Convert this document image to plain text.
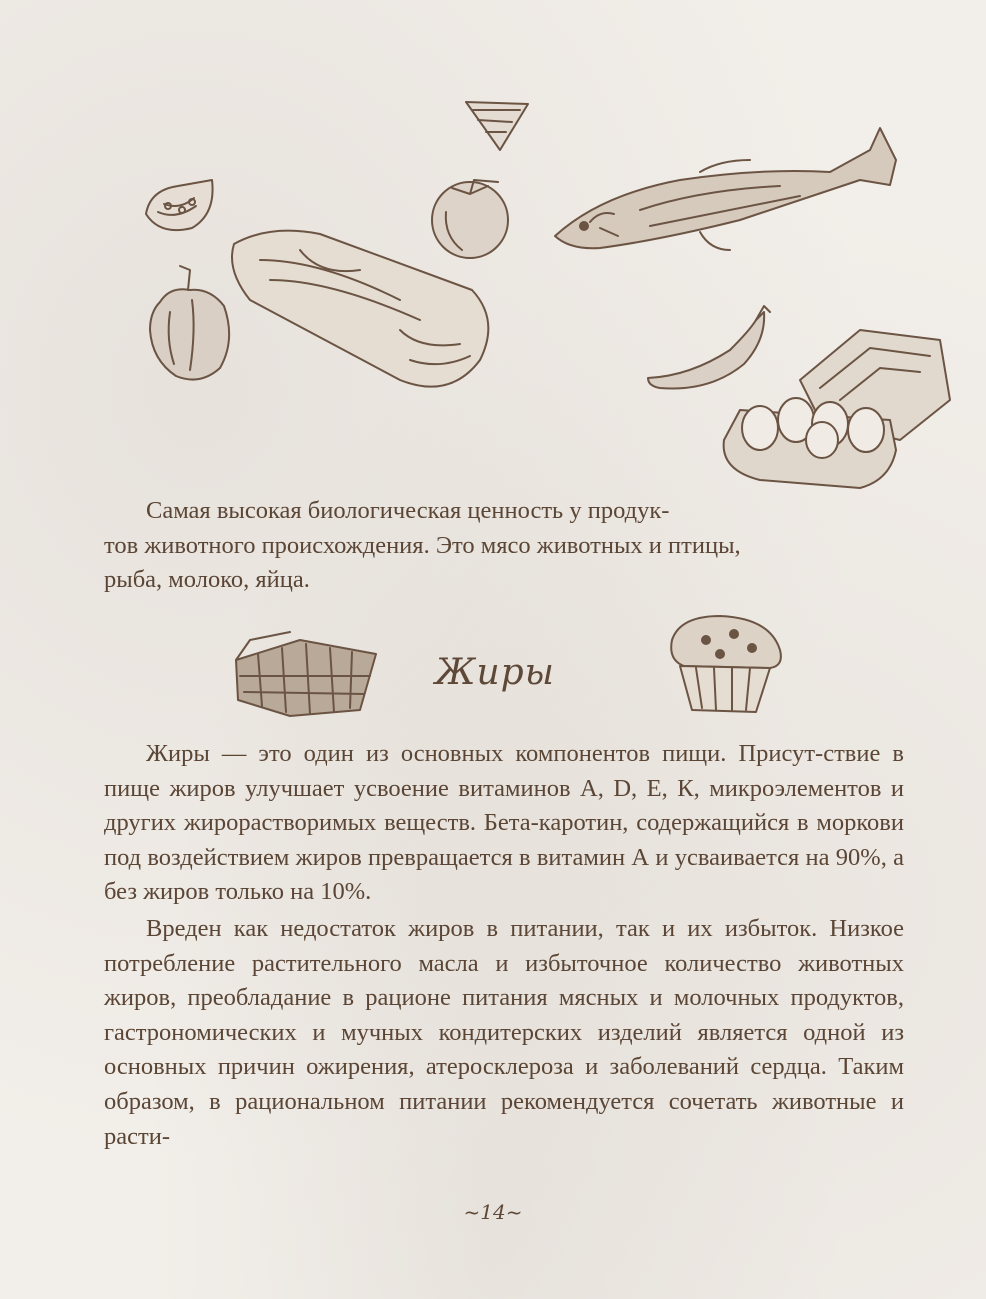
Самая высокая биологическая ценность у продук-

тов животного происхождения. Это мясо животных и птицы,
рыба, молоко, яйца.
Жиры

Жиры — это один из основных компонентов пищи. Присут-ствие в пище жиров улучшает усвоение витаминов А, D, Е, К, микроэлементов и других жирорастворимых веществ. Бета-каротин, содержащийся в моркови под воздействием жиров превращается в витамин А и усваивается на 90%, а без жиров только на 10%.

Вреден как недостаток жиров в питании, так и их избыток. Низкое потребление растительного масла и избыточное количество животных жиров, преобладание в рационе питания мясных и молочных продуктов, гастрономических и мучных кондитерских изделий является одной из основных причин ожирения, атеросклероза и заболеваний сердца. Таким образом, в рациональном питании рекомендуется сочетать животные и расти-

~14~
